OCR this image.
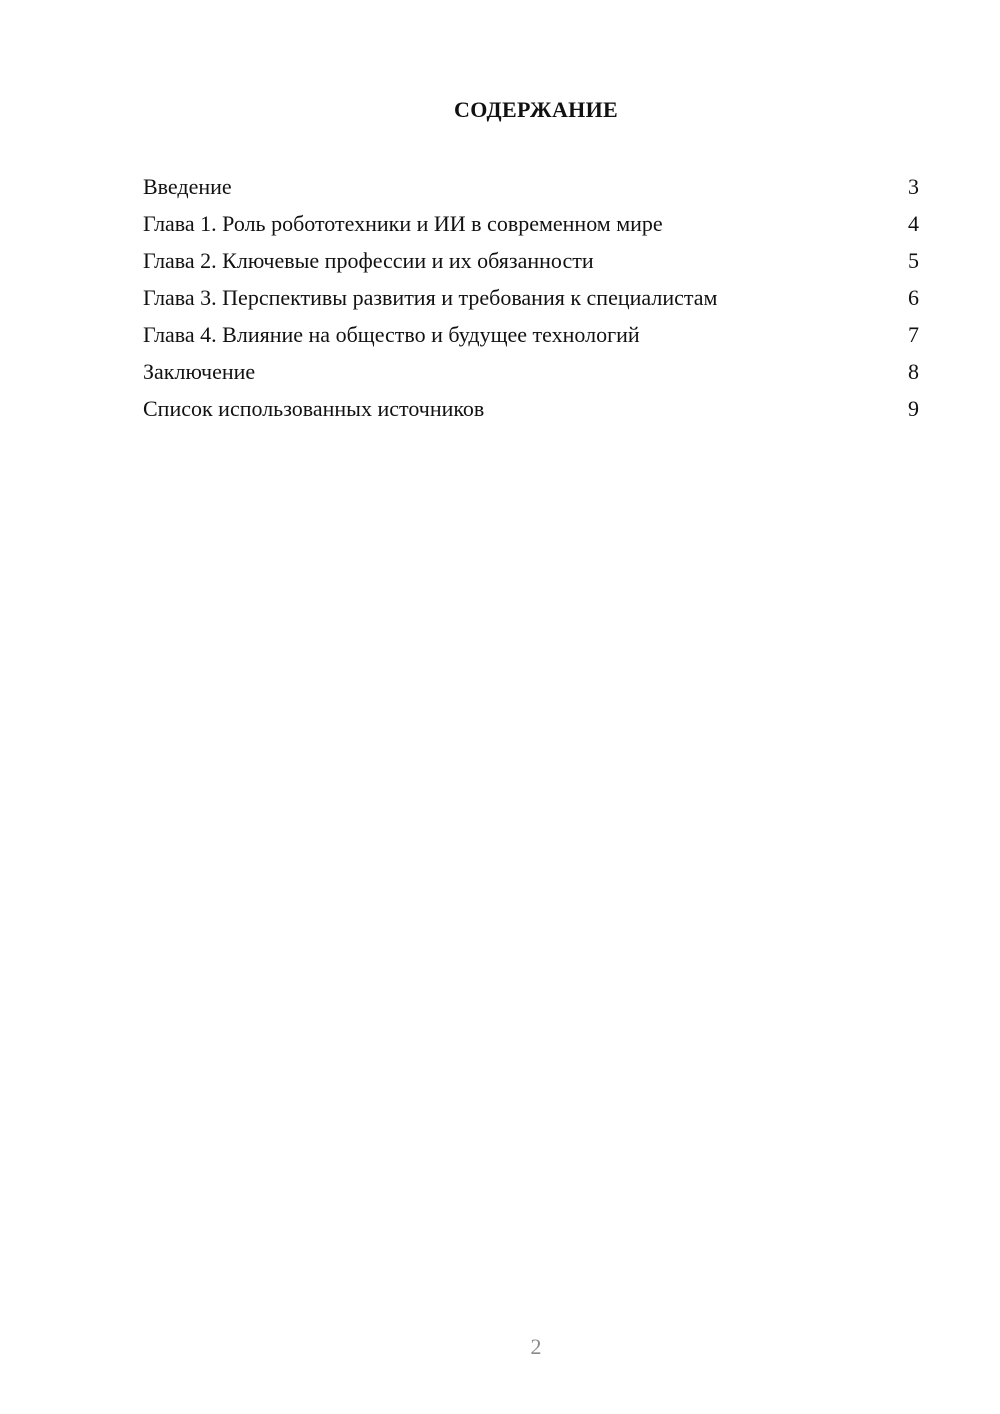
СОДЕРЖАНИЕ
Введение	3
Глава 1. Роль робототехники и ИИ в современном мире	4
Глава 2. Ключевые профессии и их обязанности	5
Глава 3. Перспективы развития и требования к специалистам	6
Глава 4. Влияние на общество и будущее технологий	7
Заключение	8
Список использованных источников	9
2
